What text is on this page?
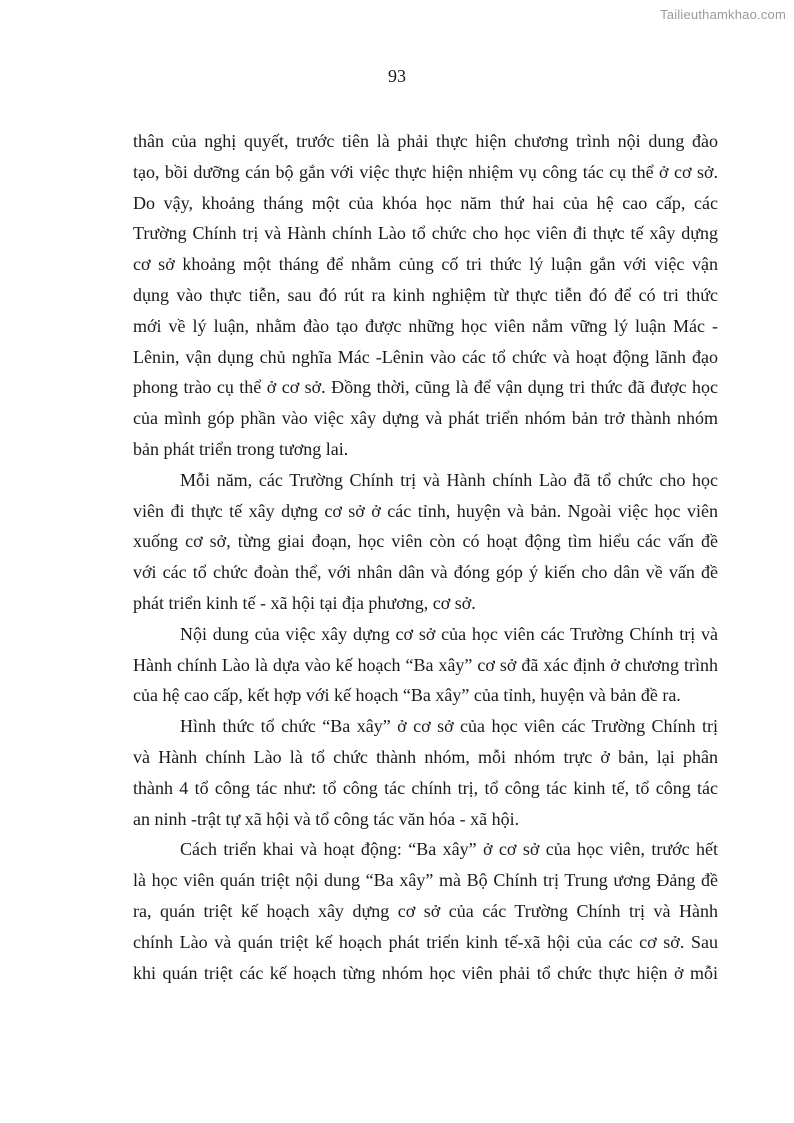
Tailieuthamkhao.com
93
thân của nghị quyết, trước tiên là phải thực hiện chương trình nội dung đào
tạo, bồi dưỡng cán bộ gắn với việc thực hiện nhiệm vụ công tác cụ thể ở cơ sở.
Do vậy, khoảng tháng một của khóa học năm thứ hai của hệ cao cấp, các
Trường Chính trị và Hành chính Lào tổ chức cho học viên đi thực tế xây dựng
cơ sở khoảng một tháng để nhằm củng cố tri thức lý luận gắn với việc vận
dụng vào thực tiễn, sau đó rút ra kinh nghiệm từ thực tiễn đó để có tri thức
mới về lý luận, nhằm đào tạo được những học viên nắm vững lý luận Mác -
Lênin, vận dụng chủ nghĩa Mác -Lênin vào các tổ chức và hoạt động lãnh đạo
phong trào cụ thể ở cơ sở. Đồng thời, cũng là để vận dụng tri thức đã được học
của mình góp phần vào việc xây dựng và phát triển nhóm bản trở thành nhóm
bản phát triển trong tương lai.
Mỗi năm, các Trường Chính trị và Hành chính Lào đã tổ chức cho học
viên đi thực tế xây dựng cơ sở ở các tỉnh, huyện và bản. Ngoài việc học viên
xuống cơ sở, từng giai đoạn, học viên còn có hoạt động tìm hiểu các vấn đề
với các tổ chức đoàn thể, với nhân dân và đóng góp ý kiến cho dân về vấn đề
phát triển kinh tế - xã hội tại địa phương, cơ sở.
Nội dung của việc xây dựng cơ sở của học viên các Trường Chính trị và
Hành chính Lào là dựa vào kế hoạch “Ba xây” cơ sở đã xác định ở chương trình
của hệ cao cấp, kết hợp với kế hoạch “Ba xây” của tỉnh, huyện và bản đề ra.
Hình thức tổ chức “Ba xây” ở cơ sở của học viên các Trường Chính trị
và Hành chính Lào là tổ chức thành nhóm, mỗi nhóm trực ở bản, lại phân
thành 4 tổ công tác như: tổ công tác chính trị, tổ công tác kinh tế, tổ công tác
an ninh -trật tự xã hội và tổ công tác văn hóa - xã hội.
Cách triển khai và hoạt động: “Ba xây” ở cơ sở của học viên, trước hết
là học viên quán triệt nội dung “Ba xây” mà Bộ Chính trị Trung ương Đảng đề
ra, quán triệt kế hoạch xây dựng cơ sở của các Trường Chính trị và Hành
chính Lào và quán triệt kế hoạch phát triển kinh tế-xã hội của các cơ sở. Sau
khi quán triệt các kế hoạch từng nhóm học viên phải tổ chức thực hiện ở mỗi
